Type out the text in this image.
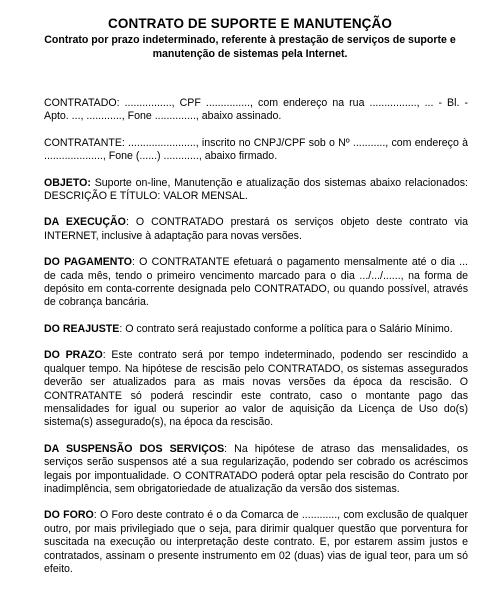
CONTRATO DE SUPORTE E MANUTENÇÃO
Contrato por prazo indeterminado, referente à prestação de serviços de suporte e manutenção de sistemas pela Internet.

CONTRATADO: ................, CPF ..............., com endereço na rua ................, ... - Bl. - Apto. ..., ............, Fone .............., abaixo assinado.

CONTRATANTE: ......................., inscrito no CNPJ/CPF sob o Nº ..........., com endereço à ...................., Fone (......) ............, abaixo firmado.

OBJETO: Suporte on-line, Manutenção e atualização dos sistemas abaixo relacionados: DESCRIÇÃO E TÍTULO: VALOR MENSAL.

DA EXECUÇÃO: O CONTRATADO prestará os serviços objeto deste contrato via INTERNET, inclusive à adaptação para novas versões.

DO PAGAMENTO: O CONTRATANTE efetuará o pagamento mensalmente até o dia ... de cada mês, tendo o primeiro vencimento marcado para o dia .../.../......, na forma de depósito em conta-corrente designada pelo CONTRATADO, ou quando possível, através de cobrança bancária.

DO REAJUSTE: O contrato será reajustado conforme a política para o Salário Mínimo.

DO PRAZO: Este contrato será por tempo indeterminado, podendo ser rescindido a qualquer tempo. Na hipótese de rescisão pelo CONTRATADO, os sistemas assegurados deverão ser atualizados para as mais novas versões da época da rescisão. O CONTRATANTE só poderá rescindir este contrato, caso o montante pago das mensalidades for igual ou superior ao valor de aquisição da Licença de Uso do(s) sistema(s) assegurado(s), na época da rescisão.

DA SUSPENSÃO DOS SERVIÇOS: Na hipótese de atraso das mensalidades, os serviços serão suspensos até a sua regularização, podendo ser cobrado os acréscimos legais por impontualidade. O CONTRATADO poderá optar pela rescisão do Contrato por inadimplência, sem obrigatoriedade de atualização da versão dos sistemas.

DO FORO: O Foro deste contrato é o da Comarca de ............, com exclusão de qualquer outro, por mais privilegiado que o seja, para dirimir qualquer questão que porventura for suscitada na execução ou interpretação deste contrato. E, por estarem assim justos e contratados, assinam o presente instrumento em 02 (duas) vias de igual teor, para um só efeito.
